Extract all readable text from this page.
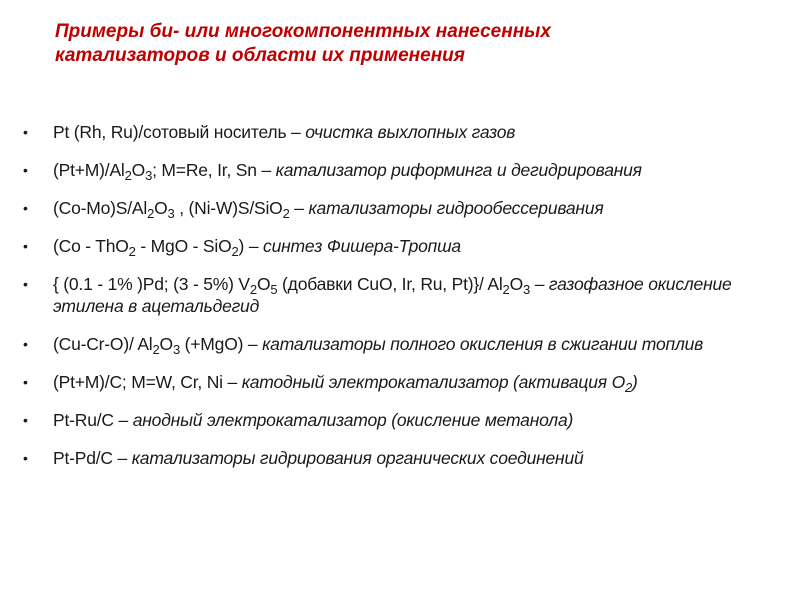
Примеры би- или многокомпонентных нанесенных
катализаторов и области их применения
• Pt (Rh, Ru)/сотовый носитель – очистка выхлопных газов
• $(Pt+M)/Al_2O_3$; M=Re, Ir, Sn – катализатор риформинга и дегидрирования
• $(Co-Mo)S/Al_2O_3$ , (Ni-W)S/SiO$_2$ – катализаторы гидрообессеривания
• (Co - ThO$_2$ - MgO - SiO$_2$) – синтез Фишера-Тропша
• { (0.1 - 1% )Pd; (3 - 5%) $V_2O_5$ (добавки CuO, Ir, Ru, Pt)}/ $Al_2O_3$ – газофазное окисление этилена в ацетальдегид
• (Cu-Cr-O)/ $Al_2O_3$ (+MgO) – катализаторы полного окисления в сжигании топлив
• (Pt+M)/C; M=W, Cr, Ni – катодный электрокатализатор (активация $O_2$)
• Pt-Ru/C – анодный электрокатализатор (окисление метанола)
• Pt-Pd/C – катализаторы гидрирования органических соединений
